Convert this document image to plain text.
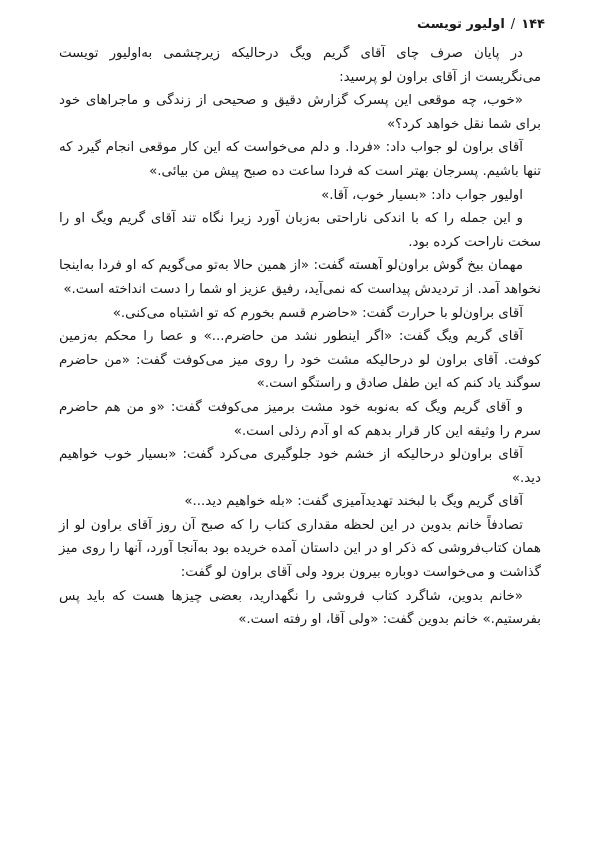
۱۴۴
/
اولیور تویست

در پایان صرف چای آقای گریم ویگ درحالیکه زیرچشمی به‌اولیور تویست می‌نگریست از آقای براون لو پرسید:

«خوب، چه موقعی این پسرک گزارش دقیق و صحیحی از زندگی و ماجراهای خود برای شما نقل خواهد کرد؟»

آقای براون لو جواب داد: «فردا. و دلم می‌خواست که این کار موقعی انجام گیرد که تنها باشیم. پسرجان بهتر است که فردا ساعت ده صبح پیش من بیائی.»

اولیور جواب داد: «بسیار خوب، آقا.»

و این جمله را که با اندکی ناراحتی به‌زبان آورد زیرا نگاه تند آقای گریم ویگ او را سخت ناراحت کرده بود.

مهمان بیخ گوش براون‌لو آهسته گفت: «از همین حالا به‌تو می‌گویم که او فردا به‌اینجا نخواهد آمد. از تردیدش پیداست که نمی‌آید، رفیق عزیز او شما را دست انداخته است.»

آقای براون‌لو با حرارت گفت: «حاضرم قسم بخورم که تو اشتباه می‌کنی.»

آقای گریم ویگ گفت: «اگر اینطور نشد من حاضرم...» و عصا را محکم به‌زمین کوفت. آقای براون لو درحالیکه مشت خود را روی میز می‌کوفت گفت: «من حاضرم سوگند یاد کنم که این طفل صادق و راستگو است.»

و آقای گریم ویگ که به‌نوبه خود مشت برمیز می‌کوفت گفت: «و من هم حاضرم سرم را وثیقه این کار قرار بدهم که او آدم رذلی است.»

آقای براون‌لو درحالیکه از خشم خود جلوگیری می‌کرد گفت: «بسیار خوب خواهیم دید.»

آقای گریم ویگ با لبخند تهدیدآمیزی گفت: «بله خواهیم دید...»

تصادفاً خانم بدوین در این لحظه مقداری کتاب را که صبح آن روز آقای براون لو از همان کتاب‌فروشی که ذکر او در این داستان آمده خریده بود به‌آنجا آورد، آنها را روی میز گذاشت و می‌خواست دوباره بیرون برود ولی آقای براون لو گفت:

«خانم بدوین، شاگرد کتاب فروشی را نگهدارید، بعضی چیزها هست که باید پس بفرستیم.» خانم بدوین گفت: «ولی آقا، او رفته است.»
